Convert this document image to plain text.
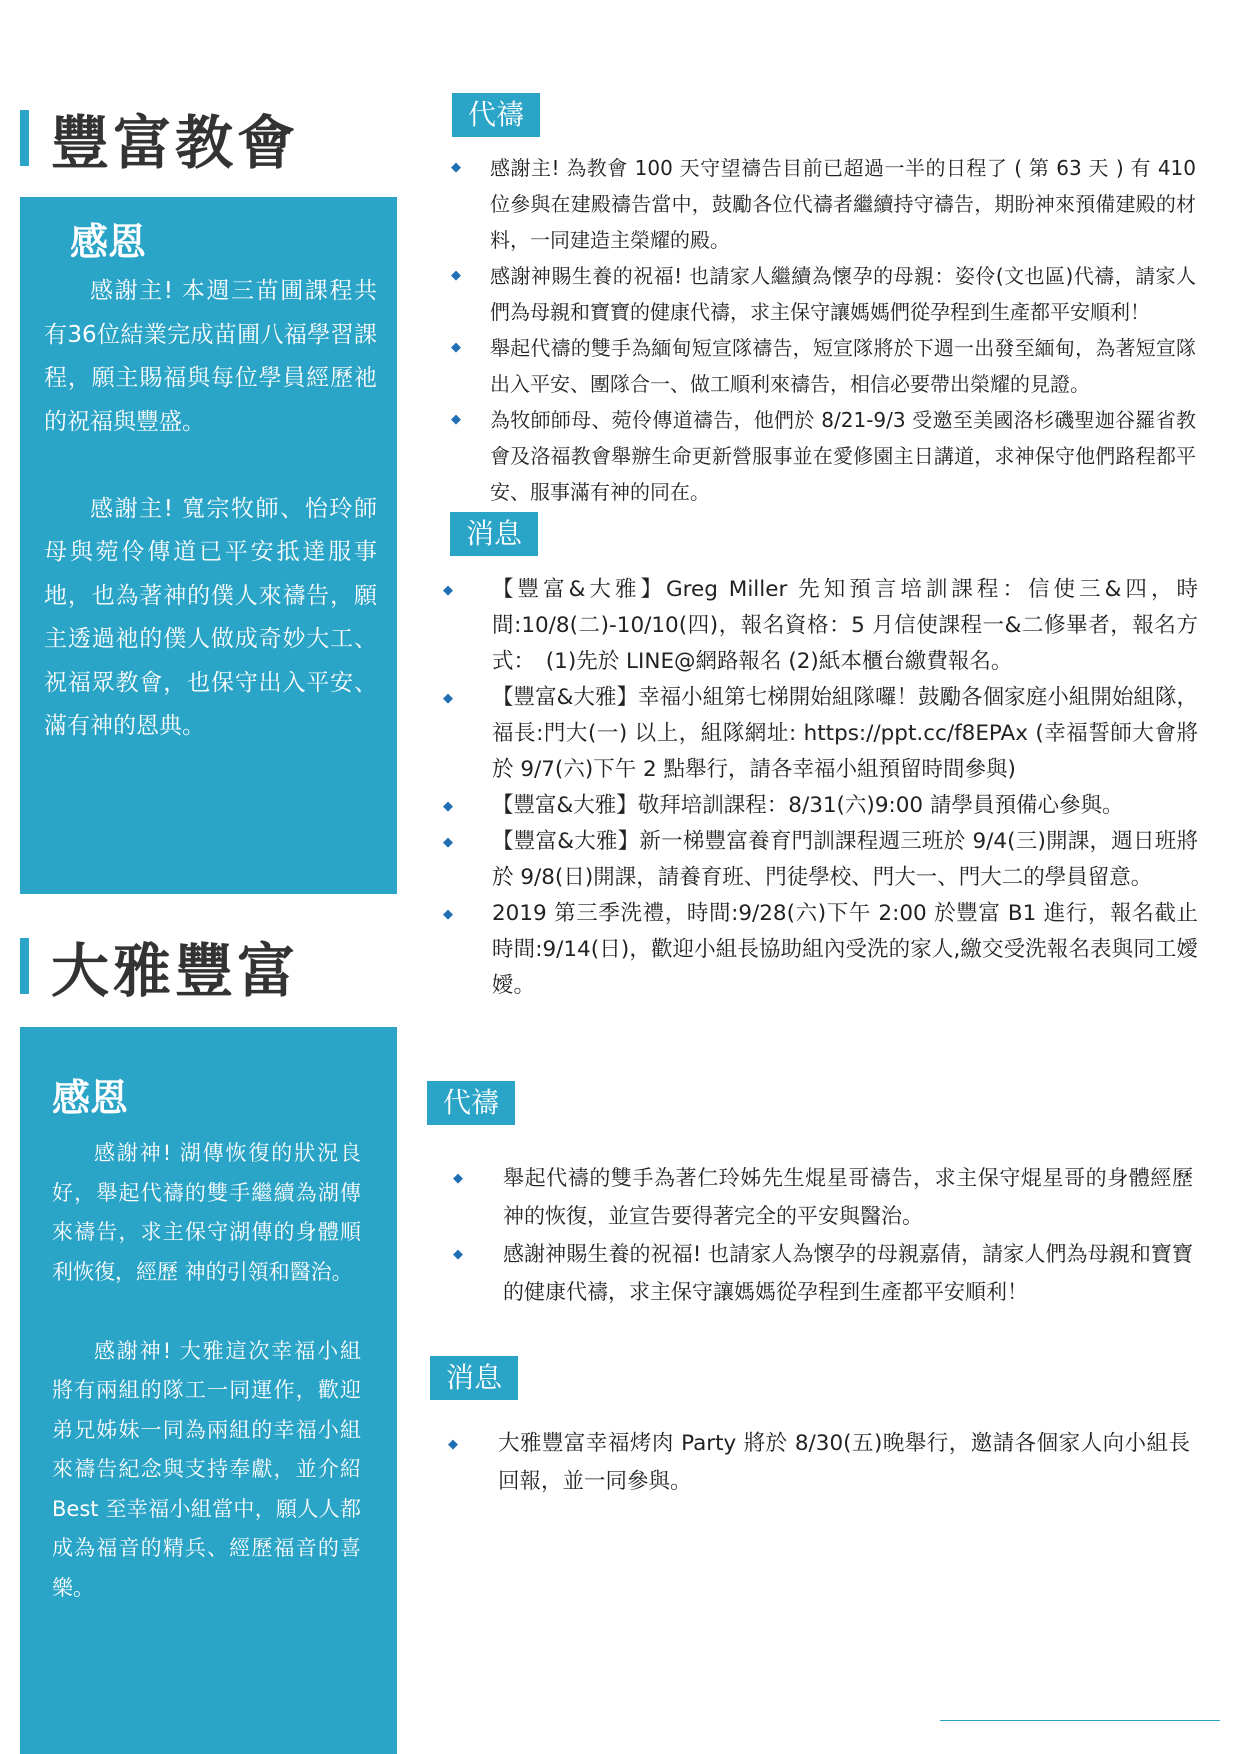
豐富教會
感恩

感謝主! 本週三苗圃課程共有36位結業完成苗圃八福學習課程，願主賜福與每位學員經歷祂的祝福與豐盛。

感謝主! 寬宗牧師、怡玲師母與菀伶傳道已平安抵達服事地，也為著神的僕人來禱告，願主透過祂的僕人做成奇妙大工、祝福眾教會，也保守出入平安、滿有神的恩典。

大雅豐富
感恩

感謝神! 湖傳恢復的狀況良好，舉起代禱的雙手繼續為湖傳來禱告，求主保守湖傳的身體順利恢復，經歷 神的引領和醫治。

感謝神! 大雅這次幸福小組將有兩組的隊工一同運作，歡迎弟兄姊妹一同為兩組的幸福小組來禱告紀念與支持奉獻，並介紹 Best 至幸福小組當中，願人人都成為福音的精兵、經歷福音的喜樂。

代禱
◆ 感謝主! 為教會 100 天守望禱告目前已超過一半的日程了 ( 第 63 天 ) 有 410 位參與在建殿禱告當中，鼓勵各位代禱者繼續持守禱告，期盼神來預備建殿的材料，一同建造主榮耀的殿。
◆ 感謝神賜生養的祝福! 也請家人繼續為懷孕的母親：姿伶(文也區)代禱，請家人們為母親和寶寶的健康代禱，求主保守讓媽媽們從孕程到生產都平安順利！
◆ 舉起代禱的雙手為緬甸短宣隊禱告，短宣隊將於下週一出發至緬甸，為著短宣隊出入平安、團隊合一、做工順利來禱告，相信必要帶出榮耀的見證。
◆ 為牧師師母、菀伶傳道禱告，他們於 8/21-9/3 受邀至美國洛杉磯聖迦谷羅省教會及洛福教會舉辦生命更新營服事並在愛修園主日講道，求神保守他們路程都平安、服事滿有神的同在。
消息
◆ 【豐富&大雅】Greg Miller 先知預言培訓課程：信使三&四，時間:10/8(二)-10/10(四)，報名資格：5 月信使課程一&二修畢者，報名方式：　(1)先於 LINE@網路報名 (2)紙本櫃台繳費報名。
◆ 【豐富&大雅】幸福小組第七梯開始組隊囉！鼓勵各個家庭小組開始組隊，福長:門大(一) 以上，組隊網址: https://ppt.cc/f8EPAx (幸福誓師大會將於 9/7(六)下午 2 點舉行，請各幸福小組預留時間參與)
◆ 【豐富&大雅】敬拜培訓課程：8/31(六)9:00 請學員預備心參與。
◆ 【豐富&大雅】新一梯豐富養育門訓課程週三班於 9/4(三)開課，週日班將於 9/8(日)開課，請養育班、門徒學校、門大一、門大二的學員留意。
◆ 2019 第三季洗禮，時間:9/28(六)下午 2:00 於豐富 B1 進行，報名截止時間:9/14(日)，歡迎小組長協助組內受洗的家人,繳交受洗報名表與同工嬡嬡。
代禱
◆ 舉起代禱的雙手為著仁玲姊先生焜星哥禱告，求主保守焜星哥的身體經歷神的恢復，並宣告要得著完全的平安與醫治。
◆ 感謝神賜生養的祝福! 也請家人為懷孕的母親嘉倩，請家人們為母親和寶寶的健康代禱，求主保守讓媽媽從孕程到生產都平安順利！
消息
◆ 大雅豐富幸福烤肉 Party 將於 8/30(五)晚舉行，邀請各個家人向小組長回報，並一同參與。
